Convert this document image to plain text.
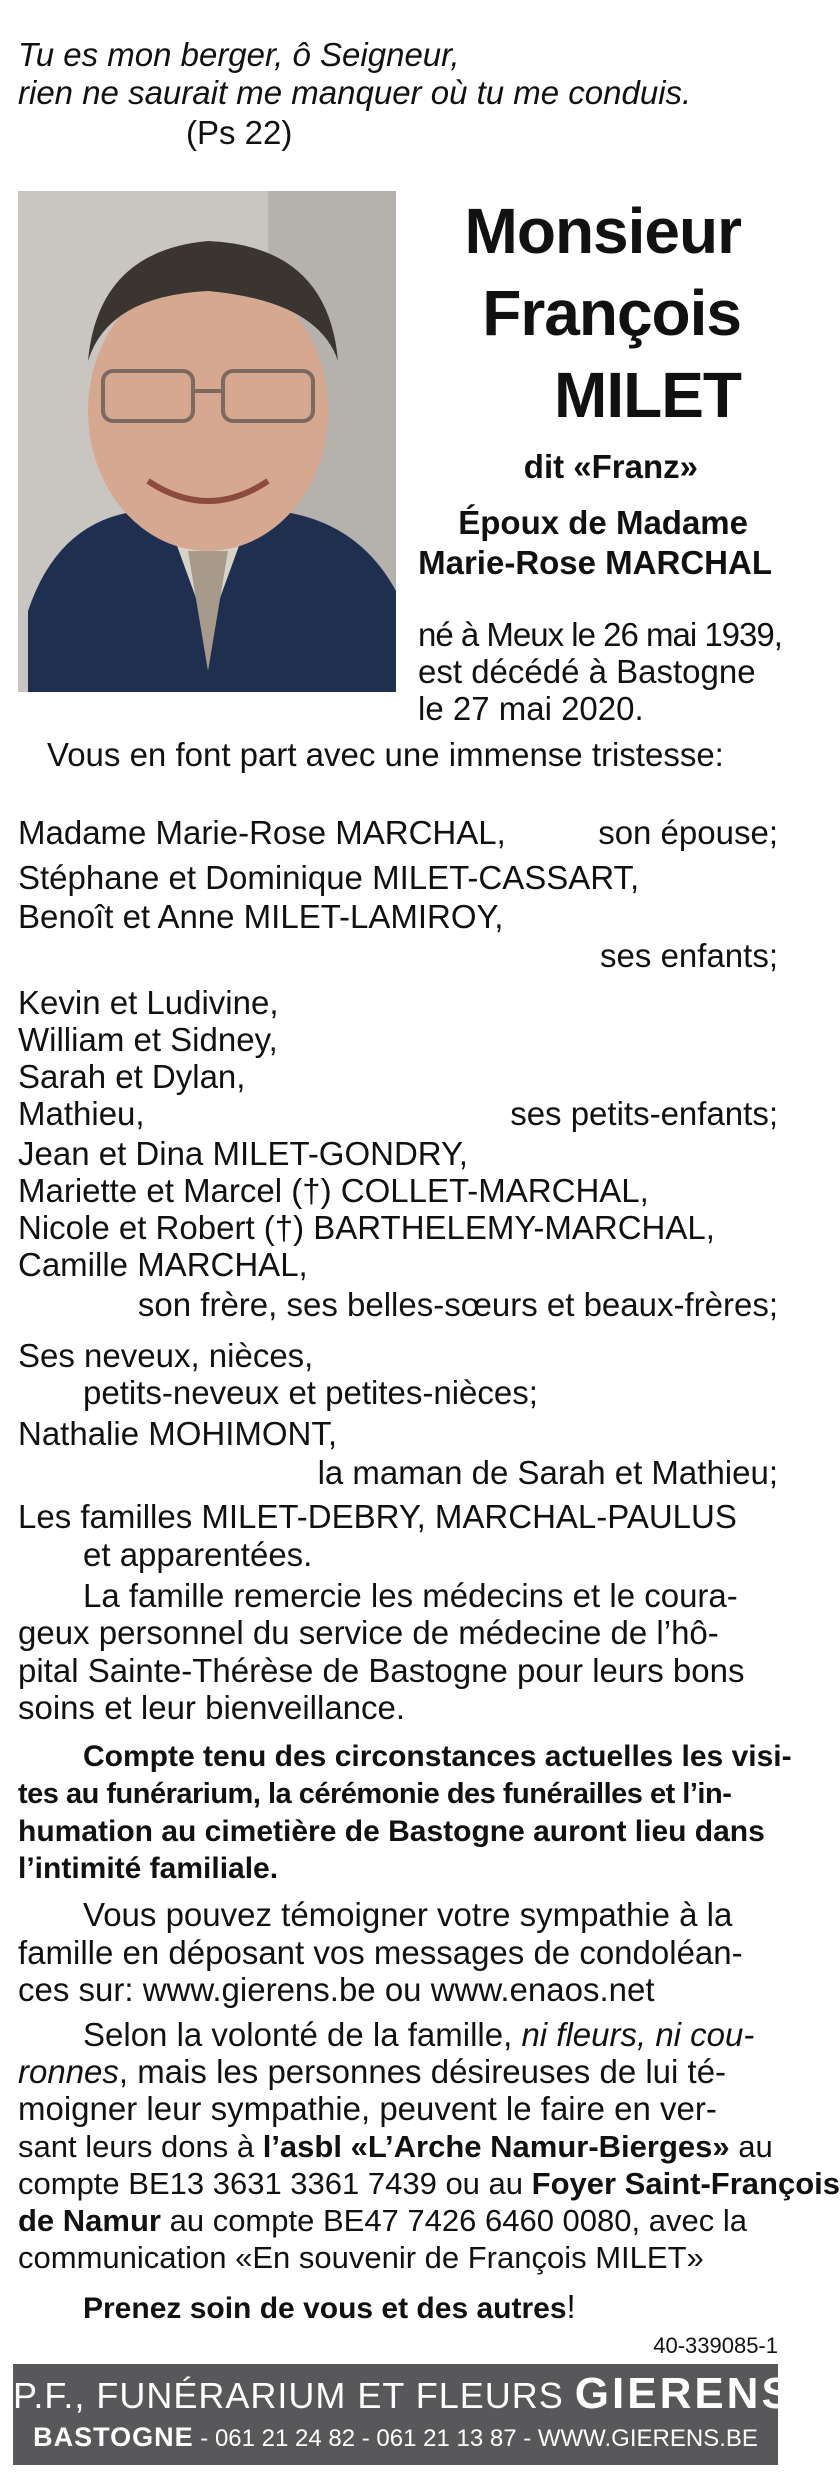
Tu es mon berger, ô Seigneur,
rien ne saurait me manquer où tu me conduis.
(Ps 22)
Monsieur
François
MILET
dit «Franz»
Époux de Madame
Marie-Rose MARCHAL
né à Meux le 26 mai 1939,
est décédé à Bastogne
le 27 mai 2020.
Vous en font part avec une immense tristesse:
Madame Marie-Rose MARCHAL,	son épouse;
Stéphane et Dominique MILET-CASSART,
Benoît et Anne MILET-LAMIROY,
ses enfants;
Kevin et Ludivine,
William et Sidney,
Sarah et Dylan,
Mathieu,	ses petits-enfants;
Jean et Dina MILET-GONDRY,
Mariette et Marcel (†) COLLET-MARCHAL,
Nicole et Robert (†) BARTHELEMY-MARCHAL,
Camille MARCHAL,
son frère, ses belles-sœurs et beaux-frères;
Ses neveux, nièces,
petits-neveux et petites-nièces;
Nathalie MOHIMONT,
la maman de Sarah et Mathieu;
Les familles MILET-DEBRY, MARCHAL-PAULUS
et apparentées.
La famille remercie les médecins et le coura-
geux personnel du service de médecine de l’hô-
pital Sainte-Thérèse de Bastogne pour leurs bons
soins et leur bienveillance.
Compte tenu des circonstances actuelles les visi-
tes au funérarium, la cérémonie des funérailles et l’in-
humation au cimetière de Bastogne auront lieu dans
l’intimité familiale.
Vous pouvez témoigner votre sympathie à la
famille en déposant vos messages de condoléan-
ces sur: www.gierens.be ou www.enaos.net
Selon la volonté de la famille, ni fleurs, ni cou-
ronnes, mais les personnes désireuses de lui té-
moigner leur sympathie, peuvent le faire en ver-
sant leurs dons à l’asbl «L’Arche Namur-Bierges» au
compte BE13 3631 3361 7439 ou au Foyer Saint-François
de Namur au compte BE47 7426 6460 0080, avec la
communication «En souvenir de François MILET»
Prenez soin de vous et des autres!
40-339085-1
P.F., FUNÉRARIUM ET FLEURS GIERENS
BASTOGNE - 061 21 24 82 - 061 21 13 87 - WWW.GIERENS.BE
